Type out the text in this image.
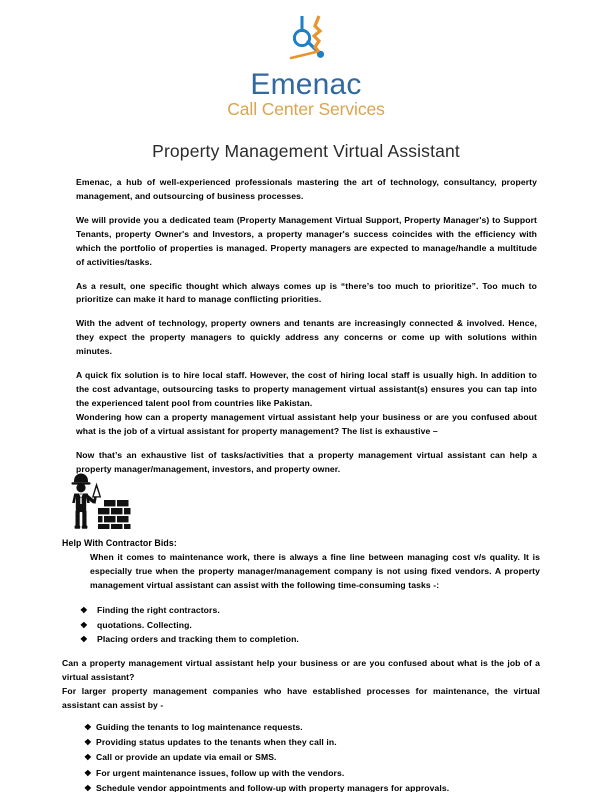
Emenac
Call Center Services
Property Management Virtual Assistant

Emenac, a hub of well-experienced professionals mastering the art of technology, consultancy, property management, and outsourcing of business processes.

We will provide you a dedicated team (Property Management Virtual Support, Property Manager's) to Support Tenants, property Owner's and Investors, a property manager's success coincides with the efficiency with which the portfolio of properties is managed. Property managers are expected to manage/handle a multitude of activities/tasks.

As a result, one specific thought which always comes up is “there’s too much to prioritize”. Too much to prioritize can make it hard to manage conflicting priorities.

With the advent of technology, property owners and tenants are increasingly connected & involved. Hence, they expect the property managers to quickly address any concerns or come up with solutions within minutes.

A quick fix solution is to hire local staff. However, the cost of hiring local staff is usually high. In addition to the cost advantage, outsourcing tasks to property management virtual assistant(s) ensures you can tap into the experienced talent pool from countries like Pakistan.

Wondering how can a property management virtual assistant help your business or are you confused about what is the job of a virtual assistant for property management? The list is exhaustive –

Now that’s an exhaustive list of tasks/activities that a property management virtual assistant can help a property manager/management, investors, and property owner.

Help With Contractor Bids:

When it comes to maintenance work, there is always a fine line between managing cost v/s quality. It is especially true when the property manager/management company is not using fixed vendors. A property management virtual assistant can assist with the following time-consuming tasks -:

❖ Finding the right contractors.
❖ quotations. Collecting.
❖ Placing orders and tracking them to completion.

Can a property management virtual assistant help your business or are you confused about what is the job of a virtual assistant?

For larger property management companies who have established processes for maintenance, the virtual assistant can assist by -

❖ Guiding the tenants to log maintenance requests.
❖ Providing status updates to the tenants when they call in.
❖ Call or provide an update via email or SMS.
❖ For urgent maintenance issues, follow up with the vendors.
❖ Schedule vendor appointments and follow-up with property managers for approvals.
